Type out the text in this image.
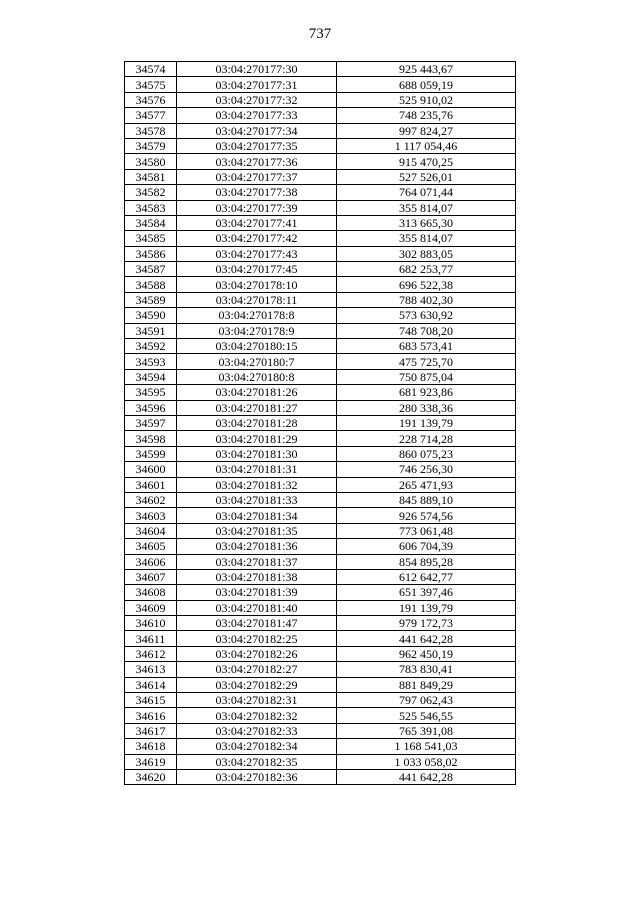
737
34574	03:04:270177:30	925 443,67
34575	03:04:270177:31	688 059,19
34576	03:04:270177:32	525 910,02
34577	03:04:270177:33	748 235,76
34578	03:04:270177:34	997 824,27
34579	03:04:270177:35	1 117 054,46
34580	03:04:270177:36	915 470,25
34581	03:04:270177:37	527 526,01
34582	03:04:270177:38	764 071,44
34583	03:04:270177:39	355 814,07
34584	03:04:270177:41	313 665,30
34585	03:04:270177:42	355 814,07
34586	03:04:270177:43	302 883,05
34587	03:04:270177:45	682 253,77
34588	03:04:270178:10	696 522,38
34589	03:04:270178:11	788 402,30
34590	03:04:270178:8	573 630,92
34591	03:04:270178:9	748 708,20
34592	03:04:270180:15	683 573,41
34593	03:04:270180:7	475 725,70
34594	03:04:270180:8	750 875,04
34595	03:04:270181:26	681 923,86
34596	03:04:270181:27	280 338,36
34597	03:04:270181:28	191 139,79
34598	03:04:270181:29	228 714,28
34599	03:04:270181:30	860 075,23
34600	03:04:270181:31	746 256,30
34601	03:04:270181:32	265 471,93
34602	03:04:270181:33	845 889,10
34603	03:04:270181:34	926 574,56
34604	03:04:270181:35	773 061,48
34605	03:04:270181:36	606 704,39
34606	03:04:270181:37	854 895,28
34607	03:04:270181:38	612 642,77
34608	03:04:270181:39	651 397,46
34609	03:04:270181:40	191 139,79
34610	03:04:270181:47	979 172,73
34611	03:04:270182:25	441 642,28
34612	03:04:270182:26	962 450,19
34613	03:04:270182:27	783 830,41
34614	03:04:270182:29	881 849,29
34615	03:04:270182:31	797 062,43
34616	03:04:270182:32	525 546,55
34617	03:04:270182:33	765 391,08
34618	03:04:270182:34	1 168 541,03
34619	03:04:270182:35	1 033 058,02
34620	03:04:270182:36	441 642,28
